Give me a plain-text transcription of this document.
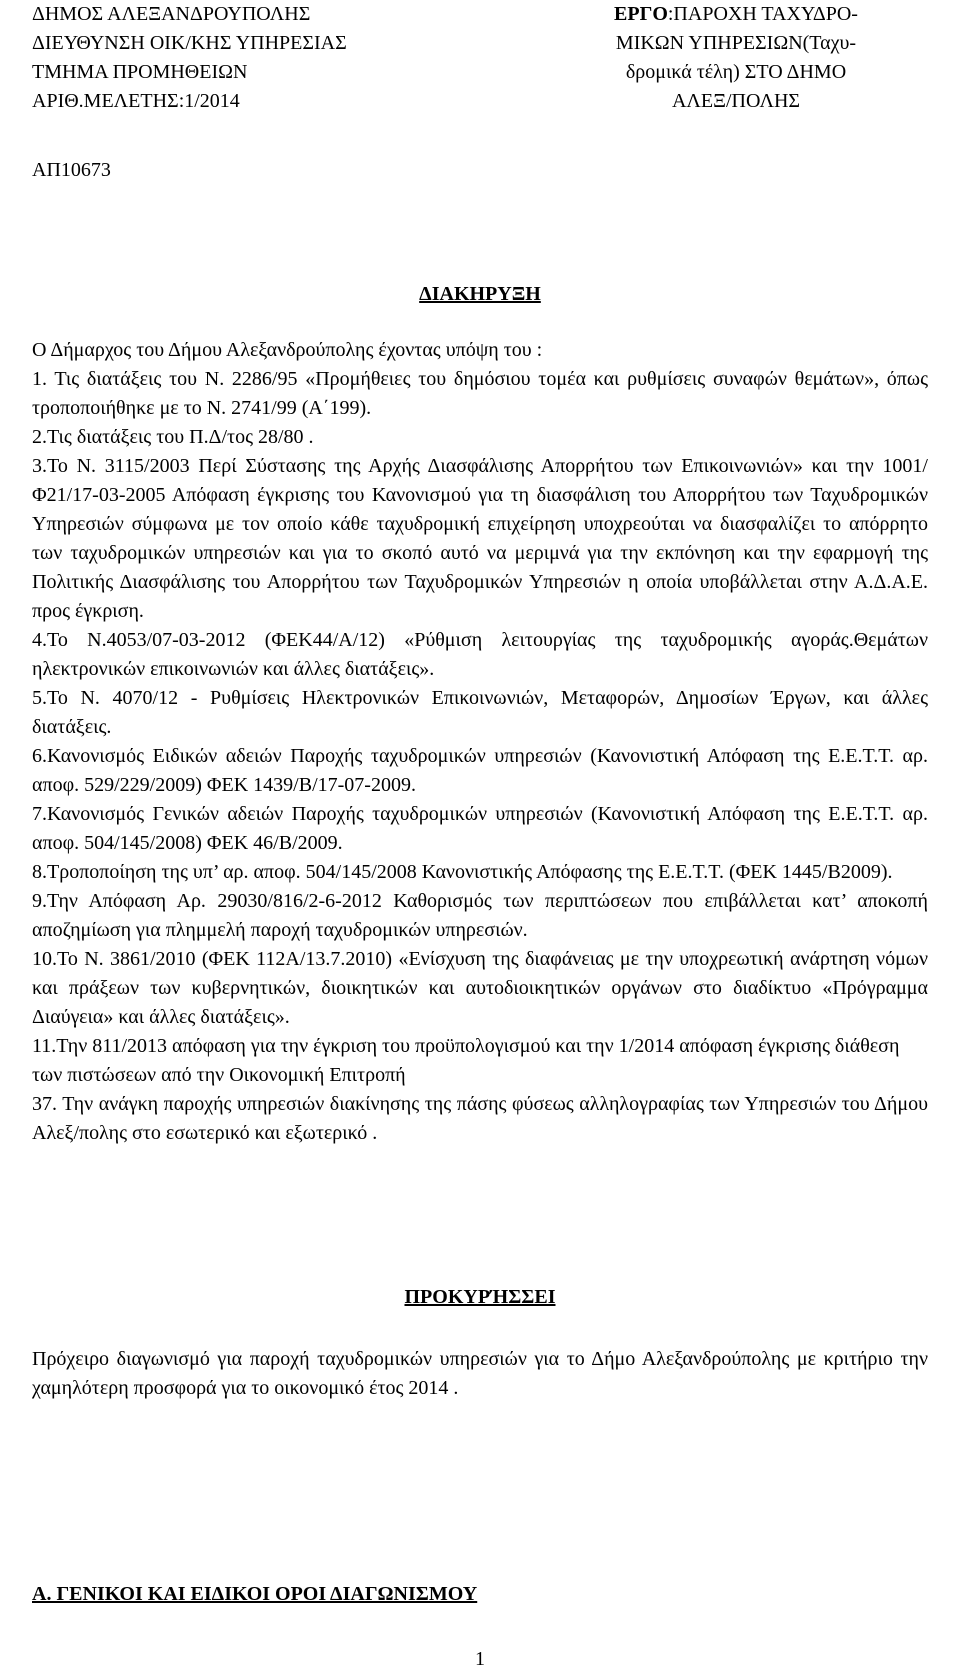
ΔΗΜΟΣ ΑΛΕΞΑΝΔΡΟΥΠΟΛΗΣ
ΔΙΕΥΘΥΝΣΗ ΟΙΚ/ΚΗΣ ΥΠΗΡΕΣΙΑΣ
ΤΜΗΜΑ ΠΡΟΜΗΘΕΙΩΝ
ΑΡΙΘ.ΜΕΛΕΤΗΣ:1/2014
ΕΡΓΟ:ΠΑΡΟΧΗ ΤΑΧΥΔΡΟ-
ΜΙΚΩΝ ΥΠΗΡΕΣΙΩΝ(Ταχυ-
δρομικά τέλη) ΣΤΟ ΔΗΜΟ
ΑΛΕΞ/ΠΟΛΗΣ
ΑΠ10673
ΔΙΑΚΗΡΥΞΗ

Ο Δήμαρχος του Δήμου Αλεξανδρούπολης έχοντας υπόψη του :

1. Τις διατάξεις του Ν. 2286/95 «Προμήθειες του δημόσιου τομέα και ρυθμίσεις συναφών θεμάτων», όπως τροποποιήθηκε με το Ν. 2741/99 (Α΄199).

2.Τις διατάξεις του Π.Δ/τος 28/80 .

3.Το Ν. 3115/2003 Περί Σύστασης της Αρχής Διασφάλισης Απορρήτου των Επικοινωνιών» και την 1001/Φ21/17-03-2005 Απόφαση έγκρισης του Κανονισμού για τη διασφάλιση του Απορρήτου των Ταχυδρομικών Υπηρεσιών σύμφωνα με τον οποίο κάθε ταχυδρομική επιχείρηση υποχρεούται να διασφαλίζει το απόρρητο των ταχυδρομικών υπηρεσιών και για το σκοπό αυτό να μεριμνά για την εκπόνηση και την εφαρμογή της Πολιτικής Διασφάλισης του Απορρήτου των Ταχυδρομικών Υπηρεσιών η οποία υποβάλλεται στην Α.Δ.Α.Ε. προς έγκριση.

4.Το Ν.4053/07-03-2012 (ΦΕΚ44/Α/12) «Ρύθμιση λειτουργίας της ταχυδρομικής αγοράς.Θεμάτων ηλεκτρονικών επικοινωνιών και άλλες διατάξεις».

5.Το Ν. 4070/12 - Ρυθμίσεις Ηλεκτρονικών Επικοινωνιών, Μεταφορών, Δημοσίων Έργων, και άλλες διατάξεις.

6.Κανονισμός Ειδικών αδειών Παροχής ταχυδρομικών υπηρεσιών (Κανονιστική Απόφαση της Ε.Ε.Τ.Τ. αρ. αποφ. 529/229/2009) ΦΕΚ 1439/Β/17-07-2009.

7.Κανονισμός Γενικών αδειών Παροχής ταχυδρομικών υπηρεσιών (Κανονιστική Απόφαση της Ε.Ε.Τ.Τ. αρ. αποφ. 504/145/2008) ΦΕΚ 46/Β/2009.

8.Τροποποίηση της υπ’ αρ. αποφ. 504/145/2008 Κανονιστικής Απόφασης της Ε.Ε.Τ.Τ. (ΦΕΚ 1445/Β2009).

9.Την Απόφαση Αρ. 29030/816/2-6-2012 Καθορισμός των περιπτώσεων που επιβάλλεται κατ’ αποκοπή αποζημίωση για πλημμελή παροχή ταχυδρομικών υπηρεσιών.

10.Το Ν. 3861/2010 (ΦΕΚ 112Α/13.7.2010) «Ενίσχυση της διαφάνειας με την υποχρεωτική ανάρτηση νόμων και πράξεων των κυβερνητικών, διοικητικών και αυτοδιοικητικών οργάνων στο διαδίκτυο «Πρόγραμμα Διαύγεια» και άλλες διατάξεις».

11.Την 811/2013 απόφαση για την έγκριση του προϋπολογισμού και την 1/2014 απόφαση έγκρισης διάθεση των πιστώσεων από την Οικονομική Επιτροπή

37. Την ανάγκη παροχής υπηρεσιών διακίνησης της πάσης φύσεως αλληλογραφίας των Υπηρεσιών του Δήμου Αλεξ/πολης στο εσωτερικό και εξωτερικό .

ΠΡΟΚΥΡΉΣΣΕΙ

Πρόχειρο διαγωνισμό για παροχή ταχυδρομικών υπηρεσιών για το Δήμο Αλεξανδρούπολης με κριτήριο την χαμηλότερη προσφορά για το οικονομικό έτος 2014 .

Α. ΓΕΝΙΚΟΙ ΚΑΙ ΕΙΔΙΚΟΙ ΟΡΟΙ ΔΙΑΓΩΝΙΣΜΟΥ
1
